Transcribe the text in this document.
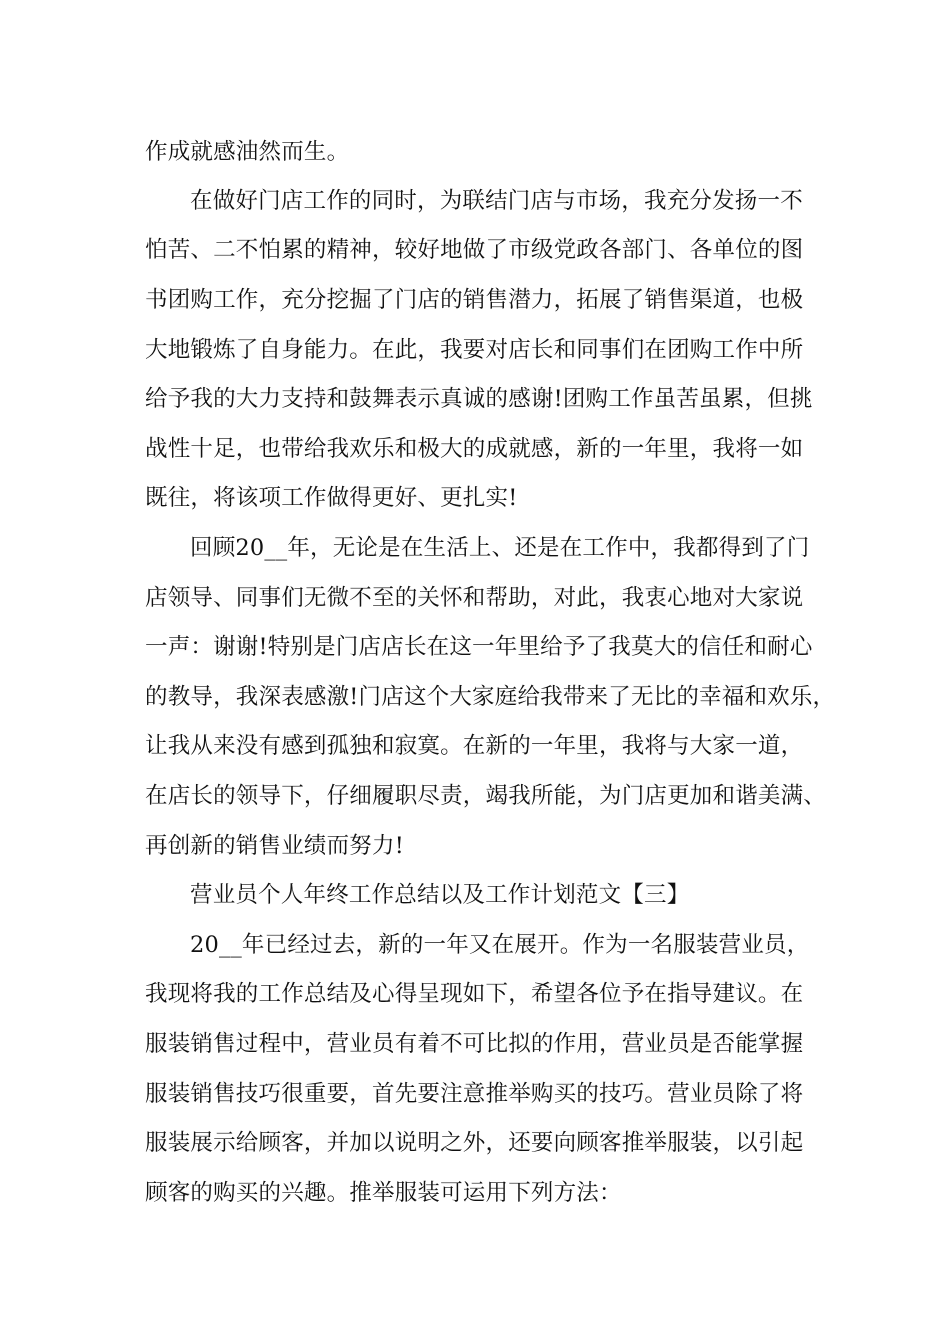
作成就感油然而生。
在做好门店工作的同时，为联结门店与市场，我充分发扬一不
怕苦、二不怕累的精神，较好地做了市级党政各部门、各单位的图
书团购工作，充分挖掘了门店的销售潜力，拓展了销售渠道，也极
大地锻炼了自身能力。在此，我要对店长和同事们在团购工作中所
给予我的大力支持和鼓舞表示真诚的感谢!团购工作虽苦虽累，但挑
战性十足，也带给我欢乐和极大的成就感，新的一年里，我将一如
既往，将该项工作做得更好、更扎实!
回顾20__年，无论是在生活上、还是在工作中，我都得到了门
店领导、同事们无微不至的关怀和帮助，对此，我衷心地对大家说
一声：谢谢!特别是门店店长在这一年里给予了我莫大的信任和耐心
的教导，我深表感激!门店这个大家庭给我带来了无比的幸福和欢乐，
让我从来没有感到孤独和寂寞。在新的一年里，我将与大家一道，
在店长的领导下，仔细履职尽责，竭我所能，为门店更加和谐美满、
再创新的销售业绩而努力!
营业员个人年终工作总结以及工作计划范文【三】
20__年已经过去，新的一年又在展开。作为一名服装营业员，
我现将我的工作总结及心得呈现如下，希望各位予在指导建议。在
服装销售过程中，营业员有着不可比拟的作用，营业员是否能掌握
服装销售技巧很重要，首先要注意推举购买的技巧。营业员除了将
服装展示给顾客，并加以说明之外，还要向顾客推举服装，以引起
顾客的购买的兴趣。推举服装可运用下列方法：
